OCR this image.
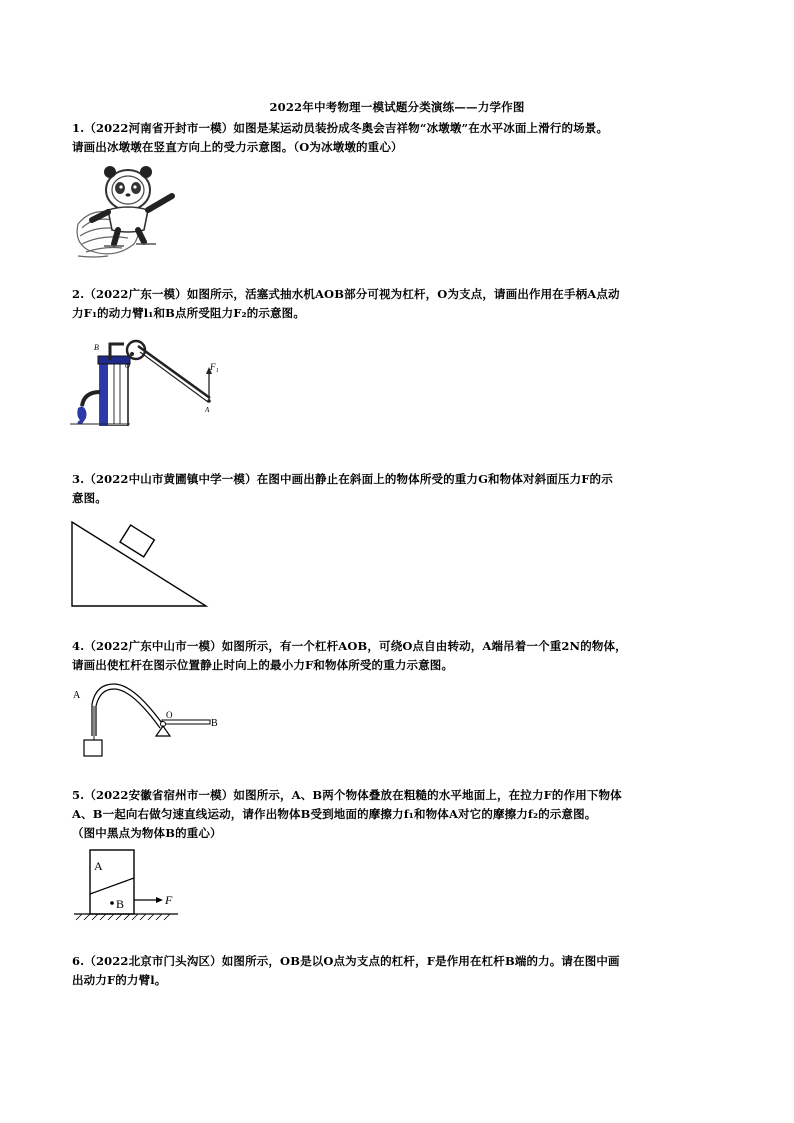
2022年中考物理一模试题分类演练——力学作图
1.（2022河南省开封市一模）如图是某运动员装扮成冬奥会吉祥物“冰墩墩”在水平冰面上滑行的场景。
请画出冰墩墩在竖直方向上的受力示意图。（O为冰墩墩的重心）
2.（2022广东一模）如图所示，活塞式抽水机AOB部分可视为杠杆，O为支点，请画出作用在手柄A点动
力F₁的动力臂l₁和B点所受阻力F₂的示意图。
F₁
A
B
O
3.（2022中山市黄圃镇中学一模）在图中画出静止在斜面上的物体所受的重力G和物体对斜面压力F的示
意图。
4.（2022广东中山市一模）如图所示，有一个杠杆AOB，可绕O点自由转动，A端吊着一个重2N的物体，
请画出使杠杆在图示位置静止时向上的最小力F和物体所受的重力示意图。
A
O
B
5.（2022安徽省宿州市一模）如图所示，A、B两个物体叠放在粗糙的水平地面上，在拉力F的作用下物体
A、B一起向右做匀速直线运动，请作出物体B受到地面的摩擦力f₁和物体A对它的摩擦力f₂的示意图。
（图中黑点为物体B的重心）
A
B	F
6.（2022北京市门头沟区）如图所示，OB是以O点为支点的杠杆，F是作用在杠杆B端的力。请在图中画
出动力F的力臂l。
